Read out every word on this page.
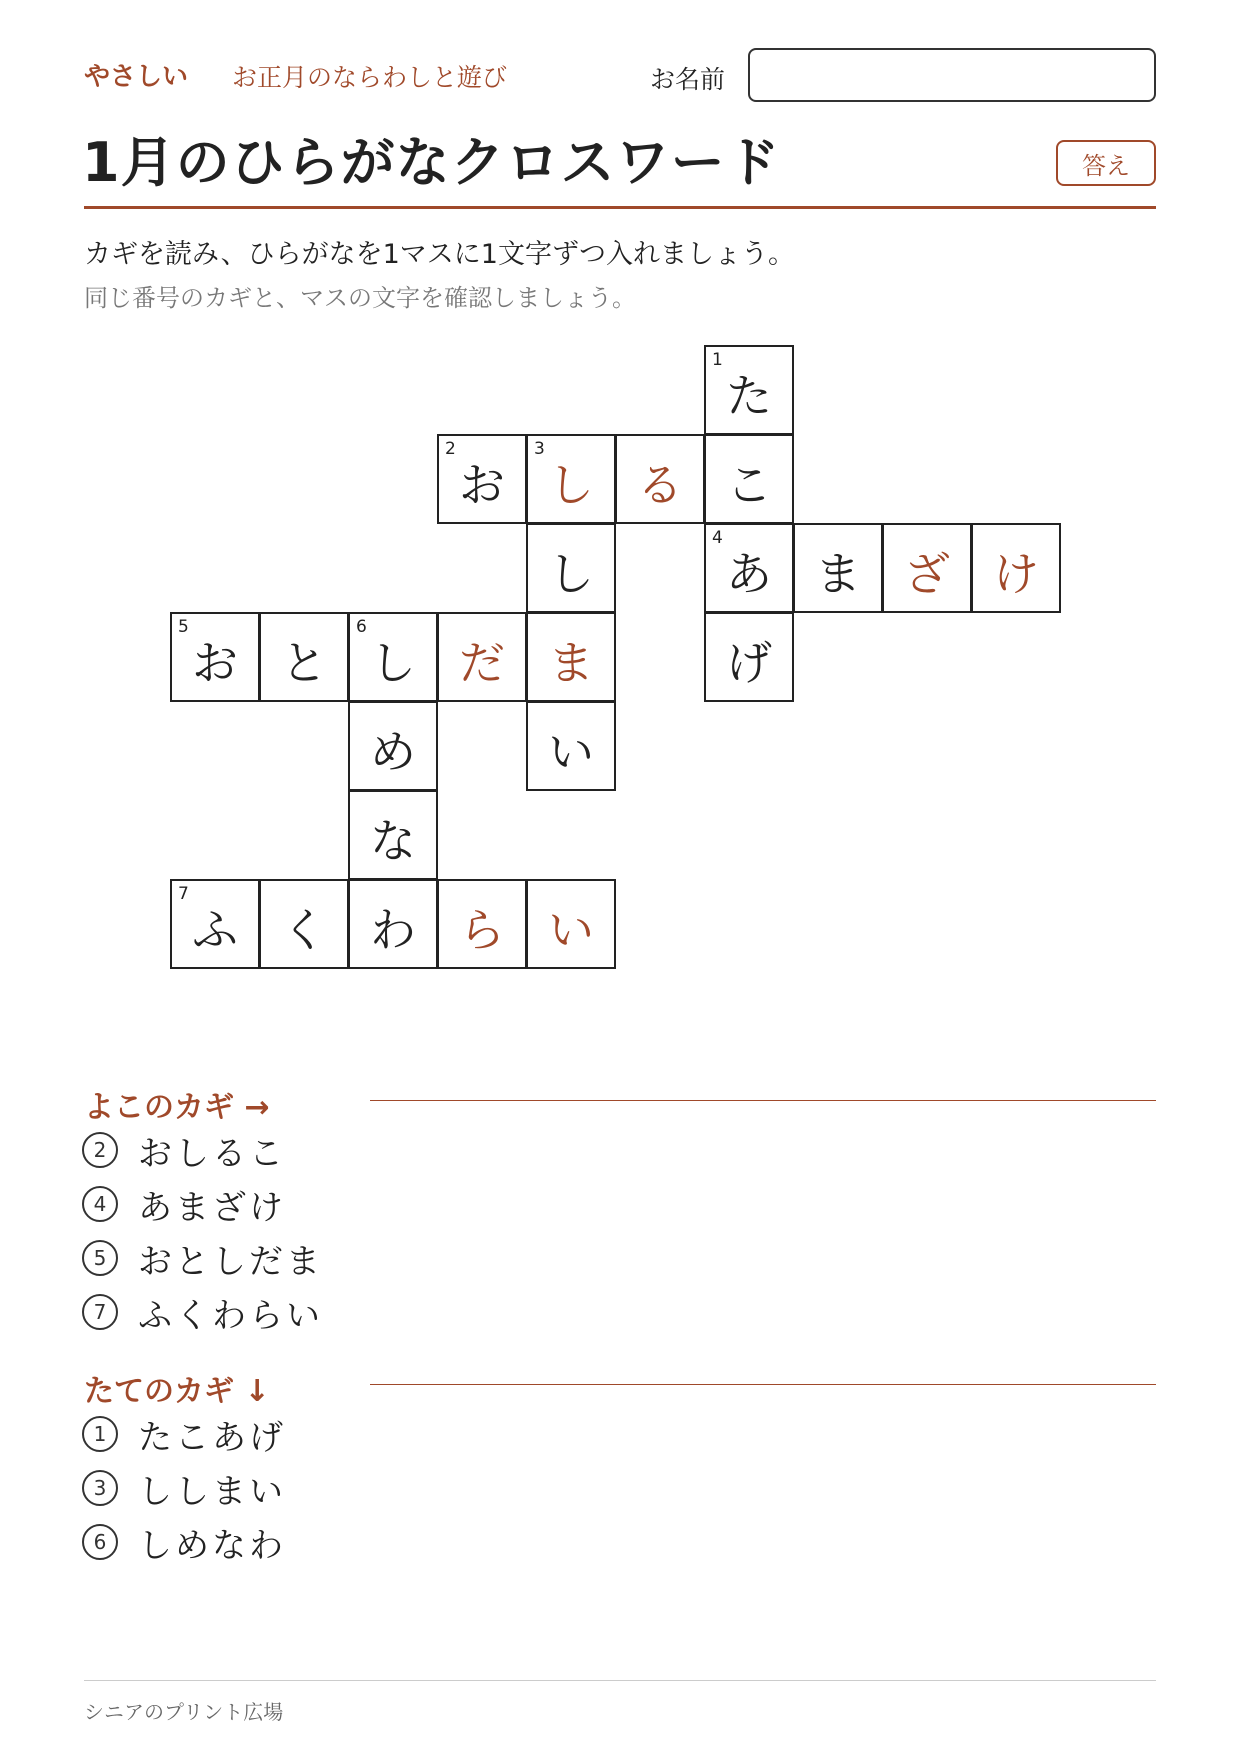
やさしい お正月のならわしと遊び	お名前
1月のひらがなクロスワード	答え
カギを読み、ひらがなを1マスに1文字ずつ入れましょう。
同じ番号のカギと、マスの文字を確認しましょう。
1
た
2
お
3
し る こ
し
4
あ ま ざ け
5
お と
6
し だ ま	げ
め	い
な
7
ふ く わ ら い
よこのカギ →
2 おしるこ
4 あまざけ
5 おとしだま
7 ふくわらい
たてのカギ ↓
1 たこあげ
3 ししまい
6 しめなわ
シニアのプリント広場
